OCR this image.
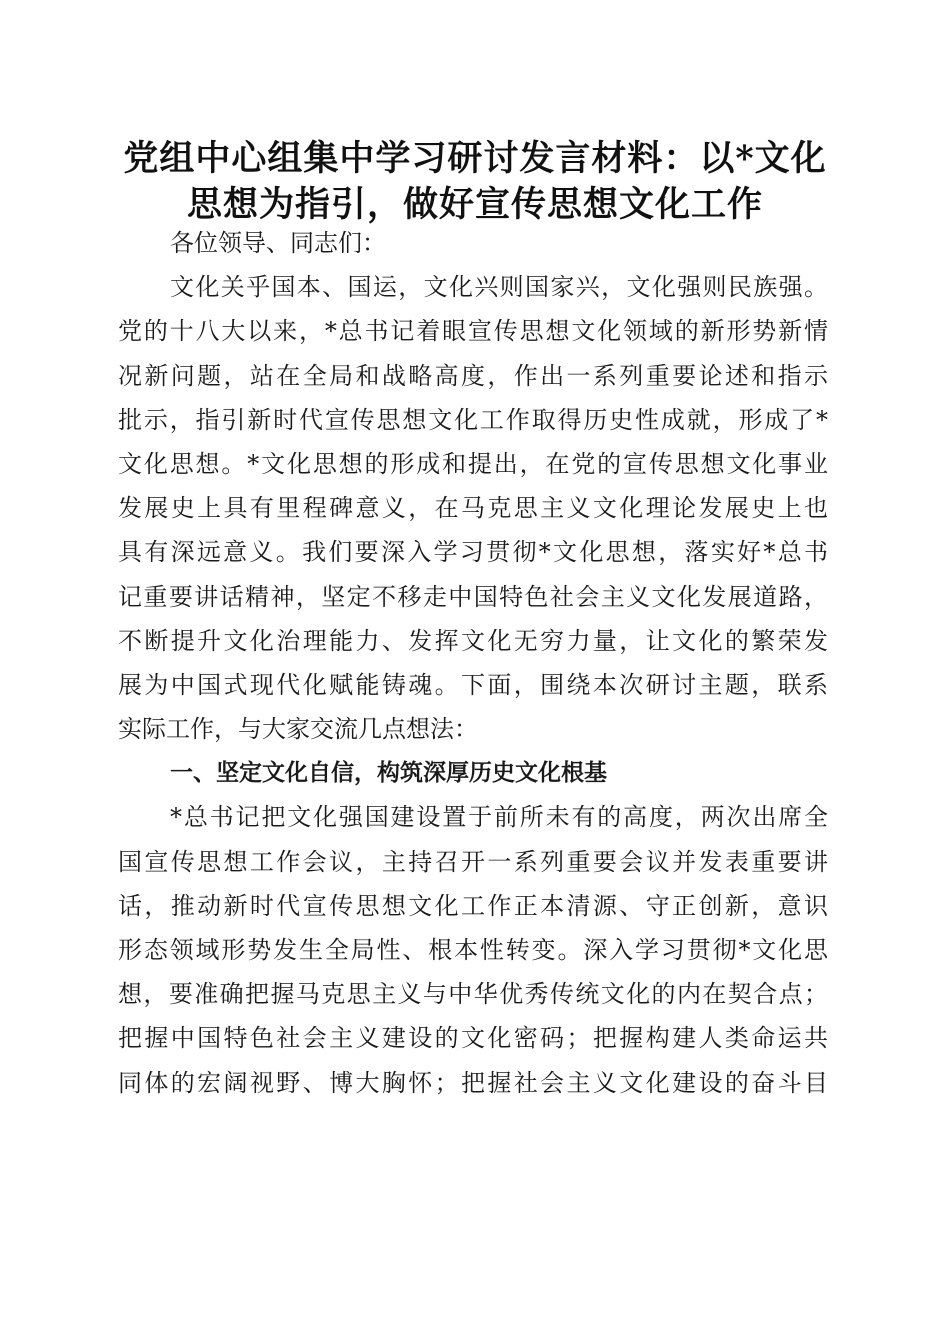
党组中心组集中学习研讨发言材料：以*文化
思想为指引，做好宣传思想文化工作

各位领导、同志们：

文化关乎国本、国运，文化兴则国家兴，文化强则民族强。
党的十八大以来，*总书记着眼宣传思想文化领域的新形势新情
况新问题，站在全局和战略高度，作出一系列重要论述和指示
批示，指引新时代宣传思想文化工作取得历史性成就，形成了*
文化思想。*文化思想的形成和提出，在党的宣传思想文化事业
发展史上具有里程碑意义，在马克思主义文化理论发展史上也
具有深远意义。我们要深入学习贯彻*文化思想，落实好*总书
记重要讲话精神，坚定不移走中国特色社会主义文化发展道路，
不断提升文化治理能力、发挥文化无穷力量，让文化的繁荣发
展为中国式现代化赋能铸魂。下面，围绕本次研讨主题，联系
实际工作，与大家交流几点想法：

一、坚定文化自信，构筑深厚历史文化根基

*总书记把文化强国建设置于前所未有的高度，两次出席全
国宣传思想工作会议，主持召开一系列重要会议并发表重要讲
话，推动新时代宣传思想文化工作正本清源、守正创新，意识
形态领域形势发生全局性、根本性转变。深入学习贯彻*文化思
想，要准确把握马克思主义与中华优秀传统文化的内在契合点；
把握中国特色社会主义建设的文化密码；把握构建人类命运共
同体的宏阔视野、博大胸怀；把握社会主义文化建设的奋斗目
